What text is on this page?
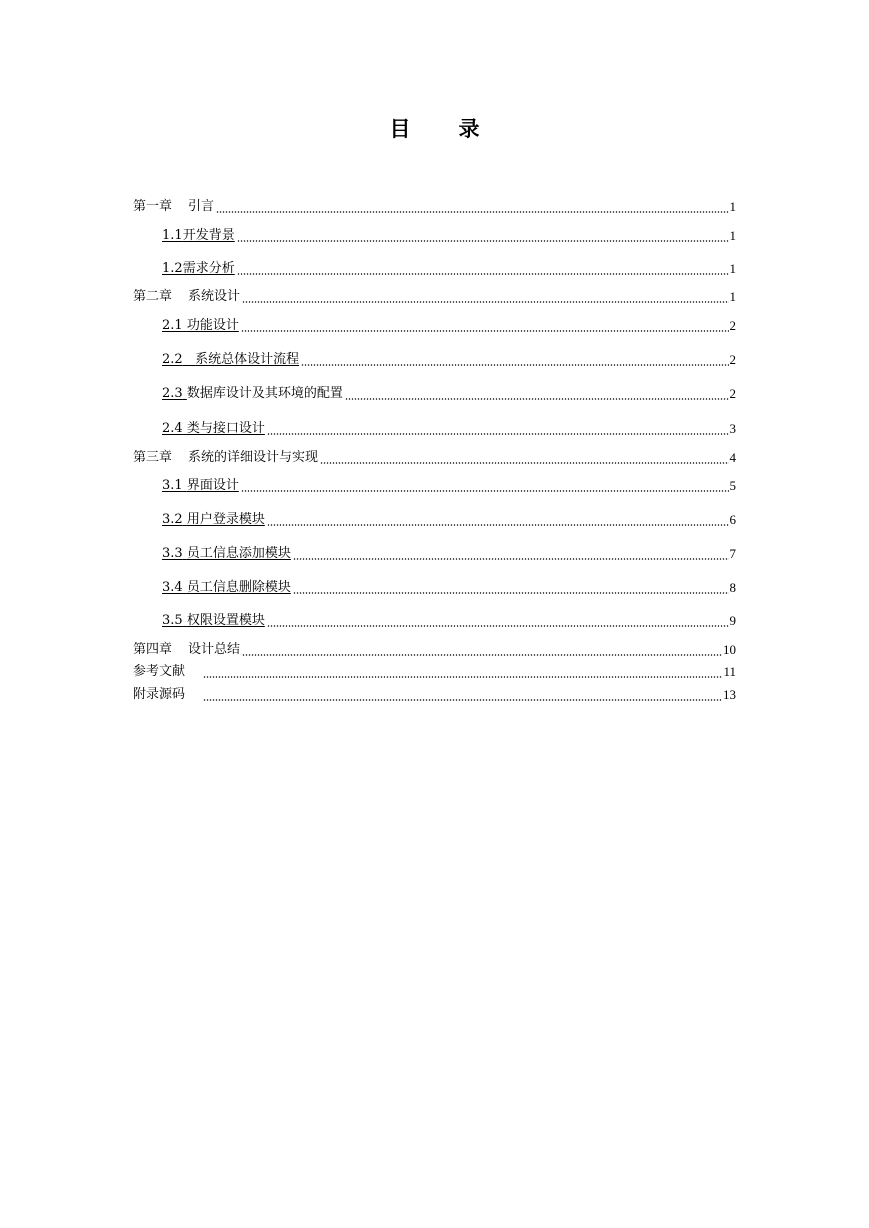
目录
第一章 引言	1
1.1开发背景	1
1.2需求分析	1
第二章 系统设计	1
2.1 功能设计	2
2.2 系统总体设计流程	2
2.3 数据库设计及其环境的配置	2
2.4 类与接口设计	3
第三章 系统的详细设计与实现	4
3.1 界面设计	5
3.2 用户登录模块	6
3.3 员工信息添加模块	7
3.4 员工信息删除模块	8
3.5 权限设置模块	9
第四章 设计总结	10
参考文献	11
附录源码	13
